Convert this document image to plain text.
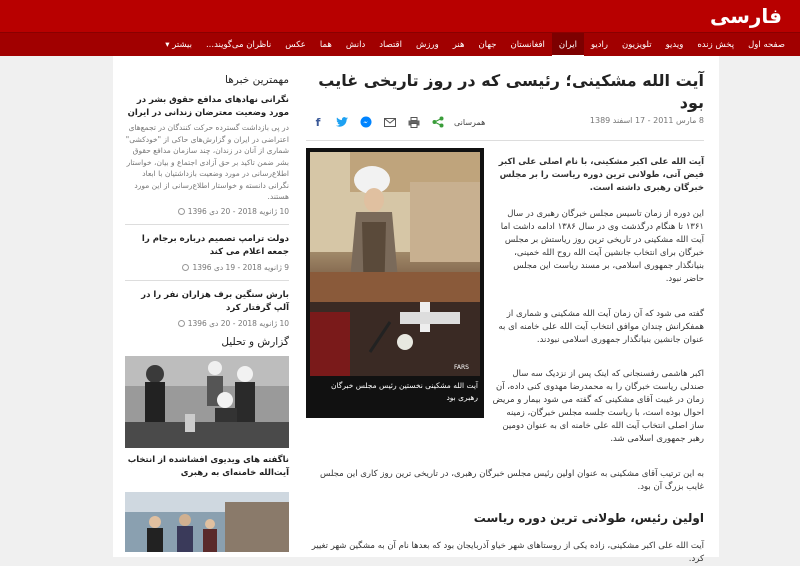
فارسی
صفحه اول
پخش زنده
ویدیو
تلویزیون
رادیو
ایران
افغانستان
جهان
هنر
ورزش
اقتصاد
دانش
هما
عکس
ناظران می‌گویند...
بیشتر ▾
آیت الله مشکینی؛ رئیسی که در روز تاریخی غایب بود
8 مارس 2011 - 17 اسفند 1389
f	همرسانی
FARS
آیت الله مشکینی نخستین رئیس مجلس خبرگان رهبری بود

آیت الله علی اکبر مشکینی، با نام اصلی علی اکبر فیض آتی، طولانی ترین دوره ریاست را بر مجلس خبرگان رهبری داشته است.

این دوره از زمان تاسیس مجلس خبرگان رهبری در سال ۱۳۶۱ تا هنگام درگذشت وی در سال ۱۳۸۶ ادامه داشت اما آیت الله مشکینی در تاریخی ترین روز ریاستش بر مجلس خبرگان برای انتخاب جانشین آیت الله روح الله خمینی، بنیانگذار جمهوری اسلامی، بر مسند ریاست این مجلس حاضر نبود.

گفته می شود که آن زمان آیت الله مشکینی و شماری از همفکرانش چندان موافق انتخاب آیت الله علی خامنه ای به عنوان جانشین بنیانگذار جمهوری اسلامی نبودند.

اکبر هاشمی رفسنجانی که اینک پس از نزدیک سه سال صندلی ریاست خبرگان را به محمدرضا مهدوی کنی داده، آن زمان در غیبت آقای مشکینی که گفته می شود بیمار و مریض احوال بوده است، با ریاست جلسه مجلس خبرگان، زمینه ساز اصلی انتخاب آیت الله علی خامنه ای به عنوان دومین رهبر جمهوری اسلامی شد.

به این ترتیب آقای مشکینی به عنوان اولین رئیس مجلس خبرگان رهبری، در تاریخی ترین روز کاری این مجلس غایب بزرگ آن بود.

اولین رئیس، طولانی ترین دوره ریاست

آیت الله علی اکبر مشکینی، زاده یکی از روستاهای شهر خیاو آذربایجان بود که بعدها نام آن به مشگین شهر تغییر کرد.

مهمترین خبرها
نگرانی نهادهای مدافع حقوق بشر در مورد وضعیت معترضان زندانی در ایران
در پی بازداشت گسترده حرکت کنندگان در تجمع‌های اعتراضی در ایران و گزارش‌های حاکی از "خودکشی" شماری از آنان در زندان، چند سازمان مدافع حقوق بشر ضمن تاکید بر حق آزادی اجتماع و بیان، خواستار اطلاع‌رسانی در مورد وضعیت بازداشتیان با ابعاد نگرانی دانسته و خواستار اطلاع‌رسانی از این مورد هستند.
10 ژانویه 2018 - 20 دی 1396
دولت ترامپ تصمیم درباره برجام را جمعه اعلام می کند
9 ژانویه 2018 - 19 دی 1396
بارش سنگین برف هزاران نفر را در آلپ گرفتار کرد
10 ژانویه 2018 - 20 دی 1396
گزارش و تحلیل
ناگفته های ویدیوی افشاشده از انتخاب آیت‌الله خامنه‌ای به رهبری
